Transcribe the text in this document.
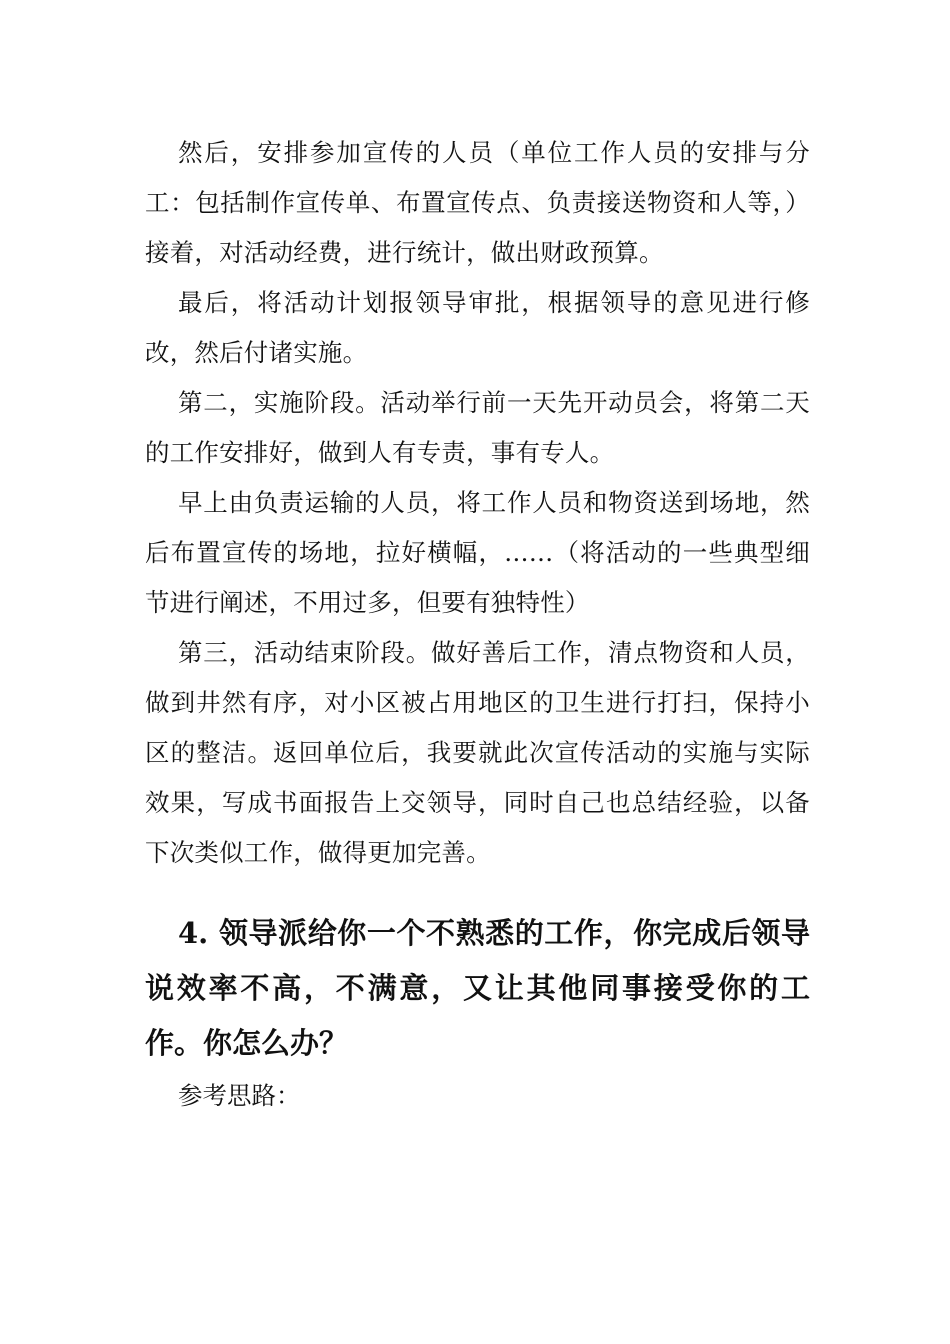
然后，安排参加宣传的人员（单位工作人员的安排与分工：包括制作宣传单、布置宣传点、负责接送物资和人等，）接着，对活动经费，进行统计，做出财政预算。

最后，将活动计划报领导审批，根据领导的意见进行修改，然后付诸实施。

第二，实施阶段。活动举行前一天先开动员会，将第二天的工作安排好，做到人有专责，事有专人。

早上由负责运输的人员，将工作人员和物资送到场地，然后布置宣传的场地，拉好横幅，……（将活动的一些典型细节进行阐述，不用过多，但要有独特性）

第三，活动结束阶段。做好善后工作，清点物资和人员，做到井然有序，对小区被占用地区的卫生进行打扫，保持小区的整洁。返回单位后，我要就此次宣传活动的实施与实际效果，写成书面报告上交领导，同时自己也总结经验，以备下次类似工作，做得更加完善。

4. 领导派给你一个不熟悉的工作，你完成后领导说效率不高，不满意，又让其他同事接受你的工作。你怎么办？

参考思路：
